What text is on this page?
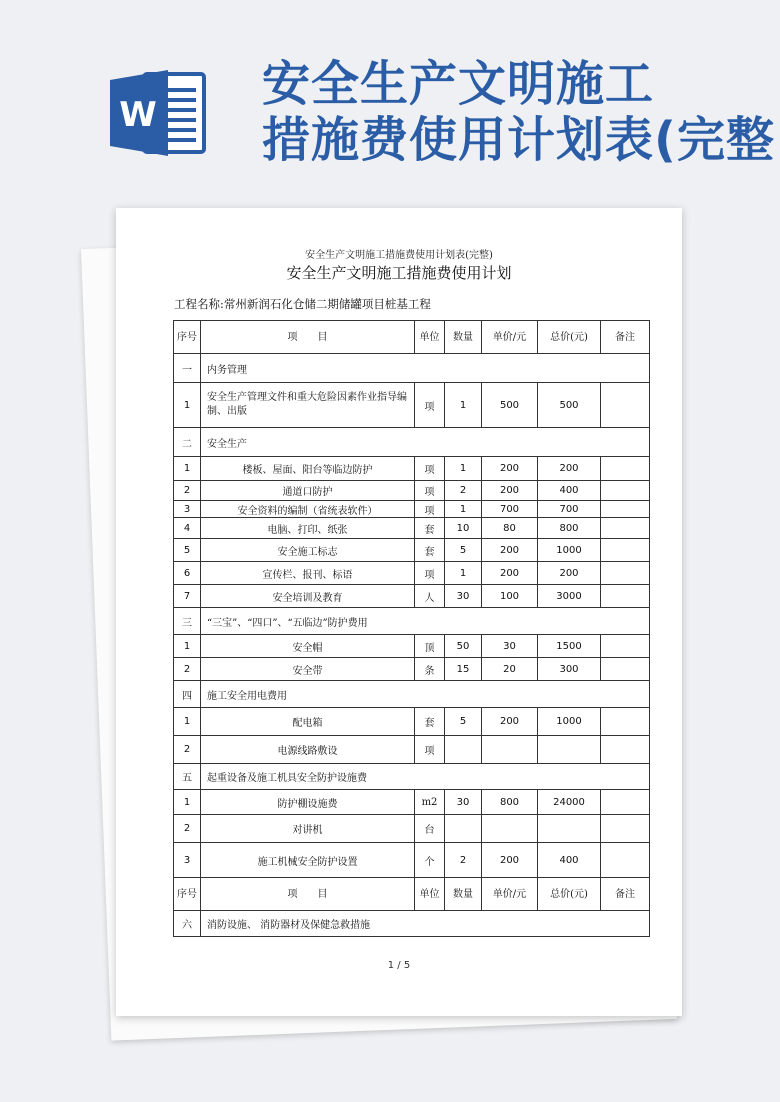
W
安全生产文明施工
措施费使用计划表(完整
安全生产文明施工措施费使用计划表(完整)
安全生产文明施工措施费使用计划
工程名称:常州新润石化仓储二期储罐项目桩基工程
序号	项　　目	单位	数量	单价/元	总价(元)	备注
一	内务管理					
1	安全生产管理文件和重大危险因素作业指导编制、出版	项	1	500	500	
二	安全生产					
1	楼板、屋面、阳台等临边防护	项	1	200	200	
2	通道口防护	项	2	200	400	
3	安全资料的编制（省统表软件）	项	1	700	700	
4	电脑、打印、纸张	套	10	80	800	
5	安全施工标志	套	5	200	1000	
6	宣传栏、报刊、标语	项	1	200	200	
7	安全培训及教育	人	30	100	3000	
三	“三宝”、“四口”、“五临边”防护费用					
1	安全帽	顶	50	30	1500	
2	安全带	条	15	20	300	
四	施工安全用电费用					
1	配电箱	套	5	200	1000	
2	电源线路敷设	项				
五	起重设备及施工机具安全防护设施费					
1	防护棚设施费	m2	30	800	24000	
2	对讲机	台				
3	施工机械安全防护设置	个	2	200	400	
序号	项　　目	单位	数量	单价/元	总价(元)	备注
六	消防设施、 消防器材及保健急救措施					
1 / 5
